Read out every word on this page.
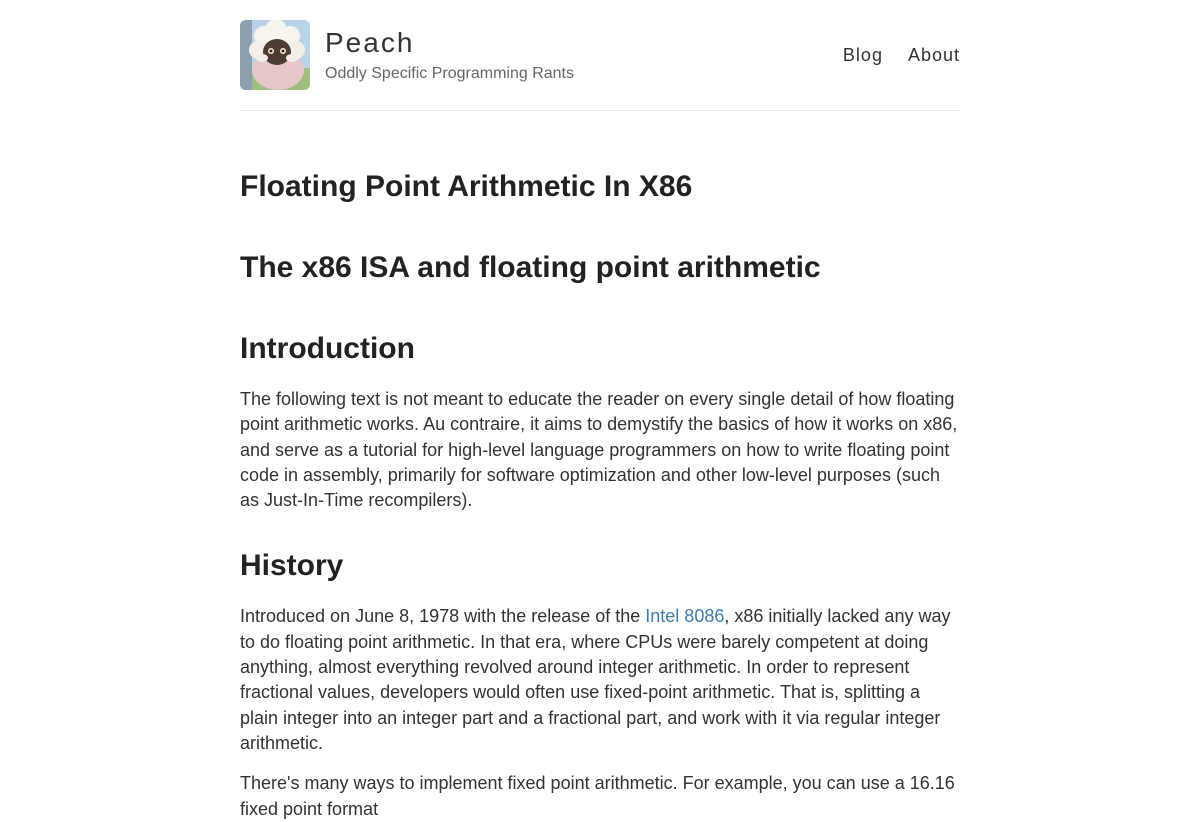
Peach
Oddly Specific Programming Rants
Blog About
Floating Point Arithmetic In X86
The x86 ISA and floating point arithmetic
Introduction

The following text is not meant to educate the reader on every single detail of how floating point arithmetic works. Au contraire, it aims to demystify the basics of how it works on x86, and serve as a tutorial for high-level language programmers on how to write floating point code in assembly, primarily for software optimization and other low-level purposes (such as Just-In-Time recompilers).

History

Introduced on June 8, 1978 with the release of the Intel 8086, x86 initially lacked any way to do floating point arithmetic. In that era, where CPUs were barely competent at doing anything, almost everything revolved around integer arithmetic. In order to represent fractional values, developers would often use fixed-point arithmetic. That is, splitting a plain integer into an integer part and a fractional part, and work with it via regular integer arithmetic.

There's many ways to implement fixed point arithmetic. For example, you can use a 16.16 fixed point format
